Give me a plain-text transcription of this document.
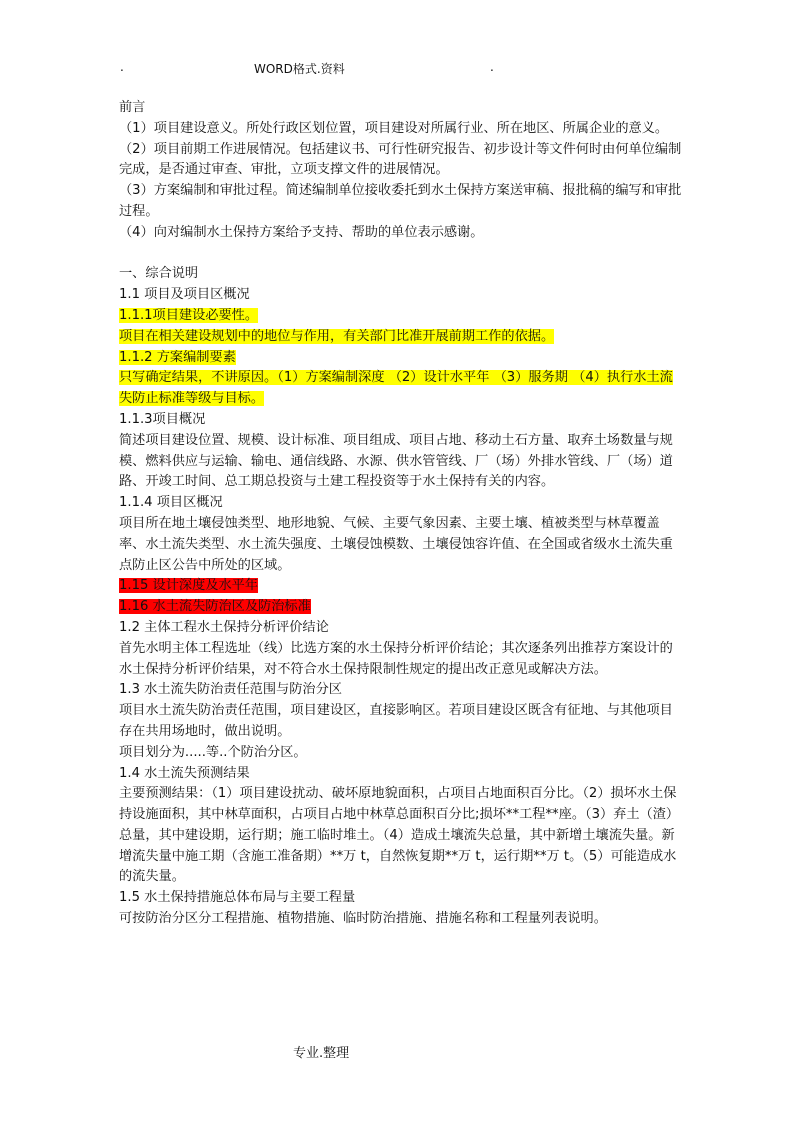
.	WORD格式.资料	.
前言
（1）项目建设意义。所处行政区划位置，项目建设对所属行业、所在地区、所属企业的意义。
（2）项目前期工作进展情况。包括建议书、可行性研究报告、初步设计等文件何时由何单位编制完成，是否通过审查、审批，立项支撑文件的进展情况。
（3）方案编制和审批过程。简述编制单位接收委托到水土保持方案送审稿、报批稿的编写和审批过程。
（4）向对编制水土保持方案给予支持、帮助的单位表示感谢。
一、综合说明
1.1 项目及项目区概况
1.1.1项目建设必要性。
项目在相关建设规划中的地位与作用，有关部门比准开展前期工作的依据。
1.1.2 方案编制要素
只写确定结果，不讲原因。（1）方案编制深度 （2）设计水平年 （3）服务期 （4）执行水土流失防止标准等级与目标。
1.1.3项目概况
简述项目建设位置、规模、设计标准、项目组成、项目占地、移动土石方量、取弃土场数量与规模、燃料供应与运输、输电、通信线路、水源、供水管管线、厂（场）外排水管线、厂（场）道路、开竣工时间、总工期总投资与土建工程投资等于水土保持有关的内容。
1.1.4 项目区概况
项目所在地土壤侵蚀类型、地形地貌、气候、主要气象因素、主要土壤、植被类型与林草覆盖率、水土流失类型、水土流失强度、土壤侵蚀模数、土壤侵蚀容许值、在全国或省级水土流失重点防止区公告中所处的区域。
1.15 设计深度及水平年
1.16 水土流失防治区及防治标准
1.2 主体工程水土保持分析评价结论
首先水明主体工程选址（线）比选方案的水土保持分析评价结论；其次逐条列出推荐方案设计的水土保持分析评价结果，对不符合水土保持限制性规定的提出改正意见或解决方法。
1.3 水土流失防治责任范围与防治分区
项目水土流失防治责任范围，项目建设区，直接影响区。若项目建设区既含有征地、与其他项目存在共用场地时，做出说明。
项目划分为.....等..个防治分区。
1.4 水土流失预测结果
主要预测结果：（1）项目建设扰动、破坏原地貌面积，占项目占地面积百分比。（2）损坏水土保持设施面积，其中林草面积，占项目占地中林草总面积百分比;损坏**工程**座。（3）弃土（渣）总量，其中建设期，运行期；施工临时堆土。（4）造成土壤流失总量，其中新增土壤流失量。新增流失量中施工期（含施工准备期）**万 t，自然恢复期**万 t，运行期**万 t。（5）可能造成水的流失量。
1.5 水土保持措施总体布局与主要工程量
可按防治分区分工程措施、植物措施、临时防治措施、措施名称和工程量列表说明。
专业.整理
